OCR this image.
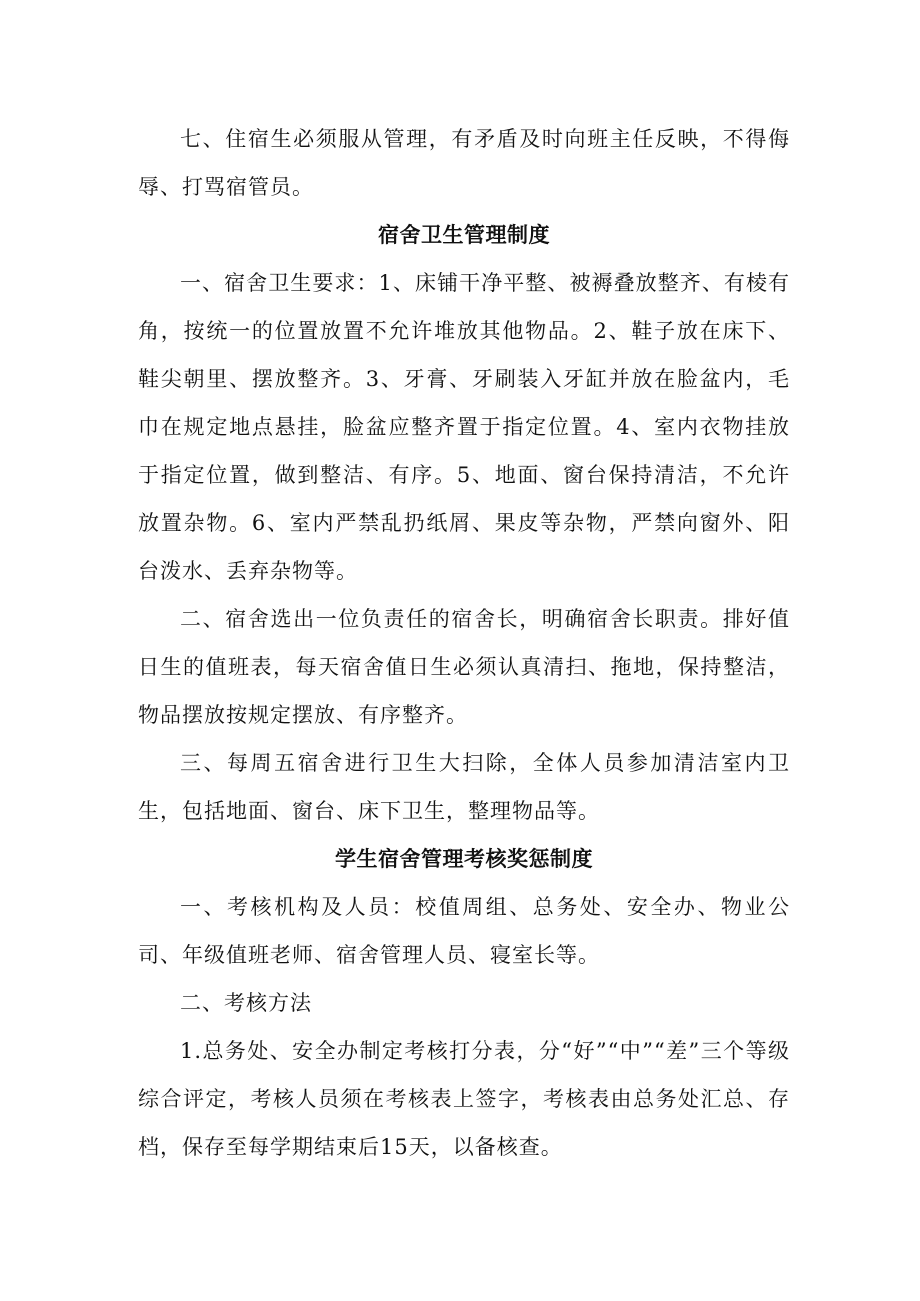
七、住宿生必须服从管理，有矛盾及时向班主任反映，不得侮辱、打骂宿管员。

宿舍卫生管理制度

一、宿舍卫生要求：1、床铺干净平整、被褥叠放整齐、有棱有角，按统一的位置放置不允许堆放其他物品。2、鞋子放在床下、鞋尖朝里、摆放整齐。3、牙膏、牙刷装入牙缸并放在脸盆内，毛巾在规定地点悬挂，脸盆应整齐置于指定位置。4、室内衣物挂放于指定位置，做到整洁、有序。5、地面、窗台保持清洁，不允许放置杂物。6、室内严禁乱扔纸屑、果皮等杂物，严禁向窗外、阳台泼水、丢弃杂物等。

二、宿舍选出一位负责任的宿舍长，明确宿舍长职责。排好值日生的值班表，每天宿舍值日生必须认真清扫、拖地，保持整洁，物品摆放按规定摆放、有序整齐。

三、每周五宿舍进行卫生大扫除，全体人员参加清洁室内卫生，包括地面、窗台、床下卫生，整理物品等。

学生宿舍管理考核奖惩制度

一、考核机构及人员：校值周组、总务处、安全办、物业公司、年级值班老师、宿舍管理人员、寝室长等。

二、考核方法

1.总务处、安全办制定考核打分表，分“好”“中”“差”三个等级综合评定，考核人员须在考核表上签字，考核表由总务处汇总、存档，保存至每学期结束后15天，以备核查。
